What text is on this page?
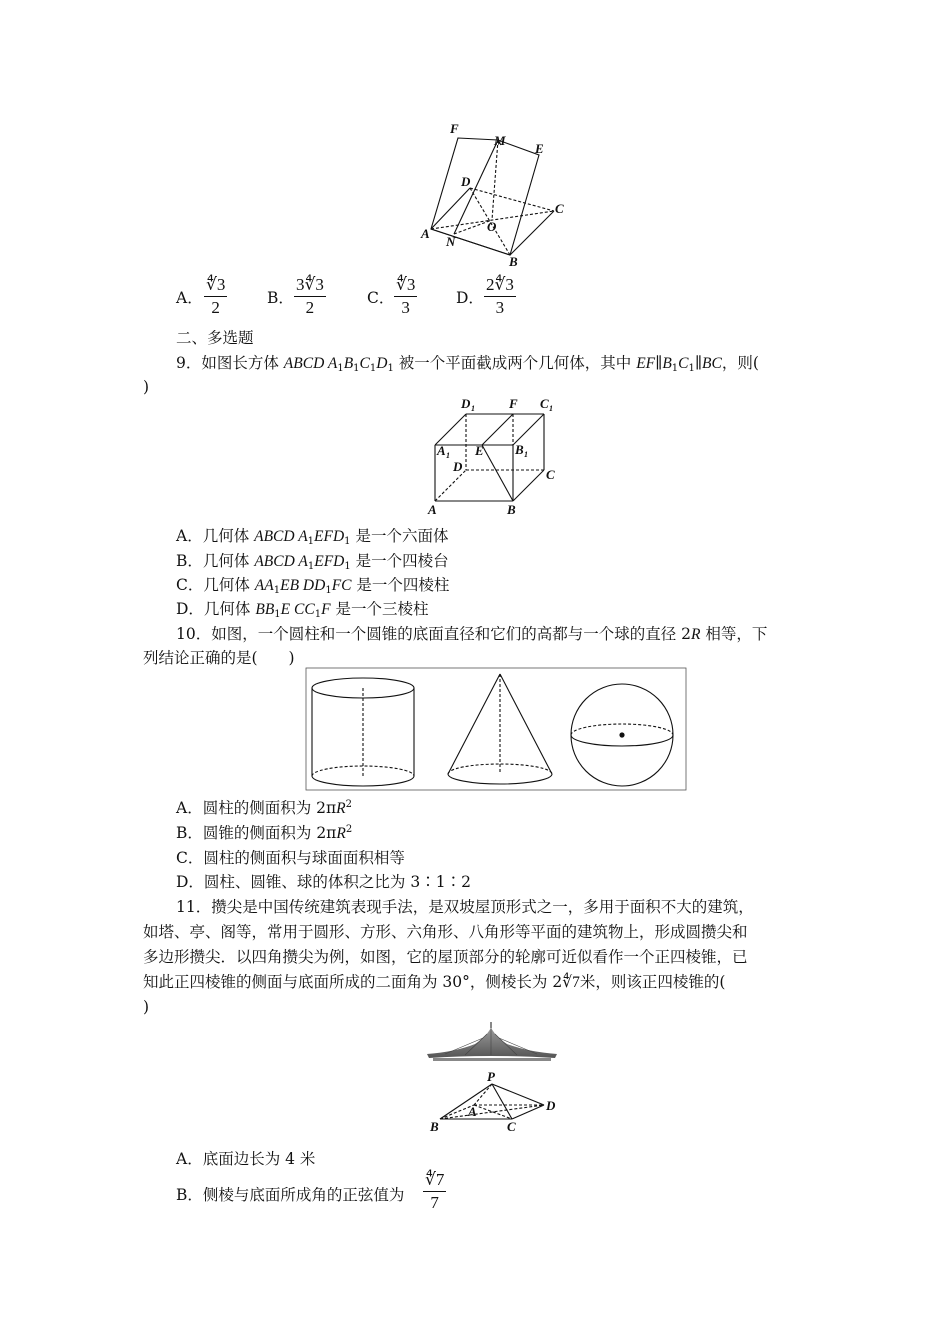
F
M
E
D
C
A
N
O
B
A．
∜3
2	B．
3∜3
2	C．
∜3
3	D．
2∜3
3
二、多选题
9．如图长方体 ABCD $A_1B_1C_1D_1$ 被一个平面截成两个几何体，其中 $EF\parallel B_1C_1\parallel BC$，则(
)
D 1	F C 1
A 1 E B 1
D
C
A	B
A．几何体 ABCD $A_1EFD_1$ 是一个六面体
B．几何体 ABCD $A_1EFD_1$ 是一个四棱台
C．几何体 $AA_1EB$ $DD_1FC$ 是一个四棱柱
D．几何体 $BB_1E$ $CC_1F$ 是一个三棱柱
10．如图，一个圆柱和一个圆锥的底面直径和它们的高都与一个球的直径 2R 相等，下
列结论正确的是(　　)
A．圆柱的侧面积为 $2\pi R^2$
B．圆锥的侧面积为 $2\pi R^2$
C．圆柱的侧面积与球面面积相等
D．圆柱、圆锥、球的体积之比为 3∶1∶2
11．攒尖是中国传统建筑表现手法，是双坡屋顶形式之一，多用于面积不大的建筑，
如塔、亭、阁等，常用于圆形、方形、六角形、八角形等平面的建筑物上，形成圆攒尖和
多边形攒尖．以四角攒尖为例，如图，它的屋顶部分的轮廓可近似看作一个正四棱锥，已
知此正四棱锥的侧面与底面所成的二面角为 30°，侧棱长为 2∜7米，则该正四棱锥的(
)
P
D
A
B	C
A．底面边长为 4 米
B．侧棱与底面所成角的正弦值为
∜7
7
